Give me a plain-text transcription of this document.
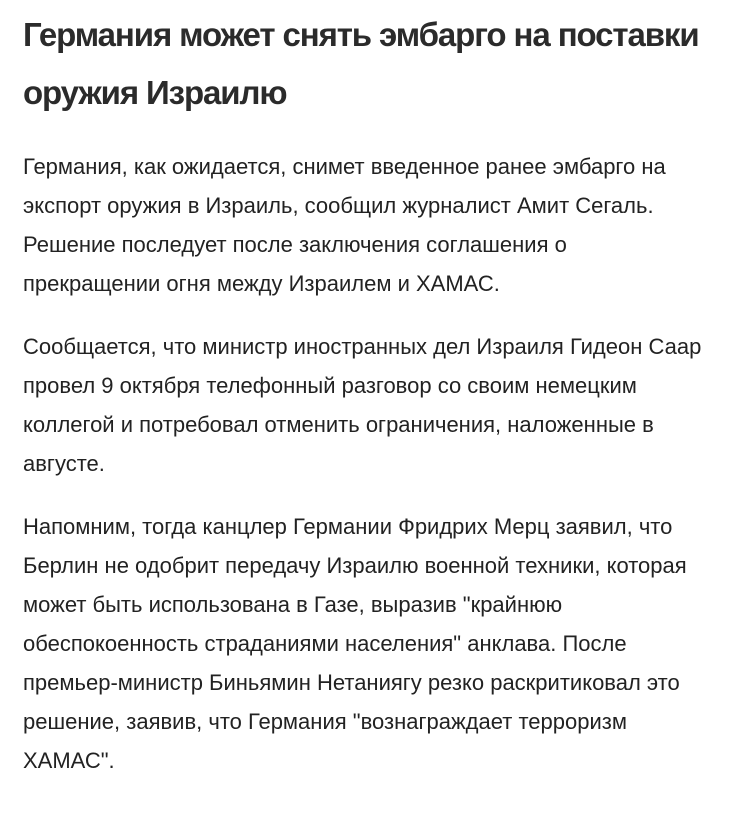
Германия может снять эмбарго на поставки оружия Израилю

Германия, как ожидается, снимет введенное ранее эмбарго на экспорт оружия в Израиль, сообщил журналист Амит Сегаль. Решение последует после заключения соглашения о прекращении огня между Израилем и ХАМАС.

Сообщается, что министр иностранных дел Израиля Гидеон Саар провел 9 октября телефонный разговор со своим немецким коллегой и потребовал отменить ограничения, наложенные в августе.

Напомним, тогда канцлер Германии Фридрих Мерц заявил, что Берлин не одобрит передачу Израилю военной техники, которая может быть использована в Газе, выразив "крайнюю обеспокоенность страданиями населения" анклава. После премьер-министр Биньямин Нетаниягу резко раскритиковал это решение, заявив, что Германия "вознаграждает терроризм ХАМАС".
